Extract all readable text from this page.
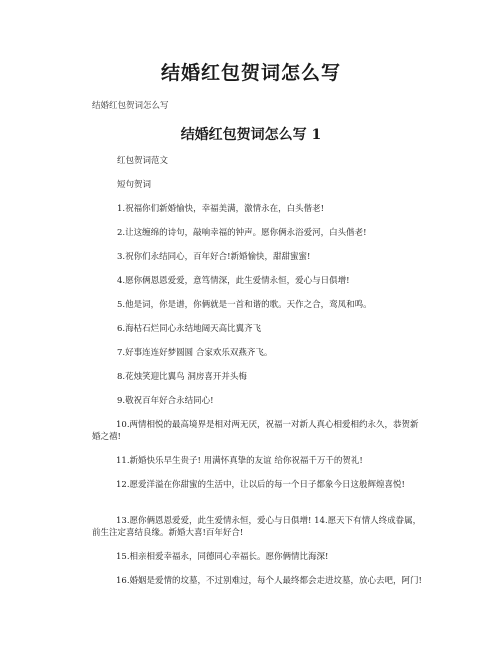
结婚红包贺词怎么写

结婚红包贺词怎么写

结婚红包贺词怎么写 1

红包贺词范文

短句贺词

1.祝福你们新婚愉快，幸福美满，激情永在，白头偕老!

2.让这缠绵的诗句，敲响幸福的钟声。愿你俩永浴爱河，白头偕老!

3.祝你们永结同心，百年好合!新婚愉快，甜甜蜜蜜!

4.愿你俩恩恩爱爱，意笃情深，此生爱情永恒，爱心与日俱增!

5.他是词，你是谱，你俩就是一首和谐的歌。天作之合，鸾凤和鸣。

6.海枯石烂同心永结地阔天高比翼齐飞

7.好事连连好梦圆圆 合家欢乐双燕齐飞。

8.花烛笑迎比翼鸟 洞房喜开并头梅

9.敬祝百年好合永结同心!

10.两情相悦的最高境界是相对两无厌，祝福一对新人真心相爱相约永久，恭贺新婚之禧!

11.新婚快乐早生贵子! 用满怀真挚的友谊 给你祝福千万千的贺礼!

12.愿爱洋溢在你甜蜜的生活中，让以后的每一个日子都象今日这般辉煌喜悦!

13.愿你俩恩恩爱爱，此生爱情永恒，爱心与日俱增! 14.愿天下有情人终成眷属，前生注定喜结良缘。新婚大喜!百年好合!

15.相亲相爱幸福永，同德同心幸福长。愿你俩情比海深!

16.婚姻是爱情的坟墓，不过别难过，每个人最终都会走进坟墓，放心去吧，阿门!
